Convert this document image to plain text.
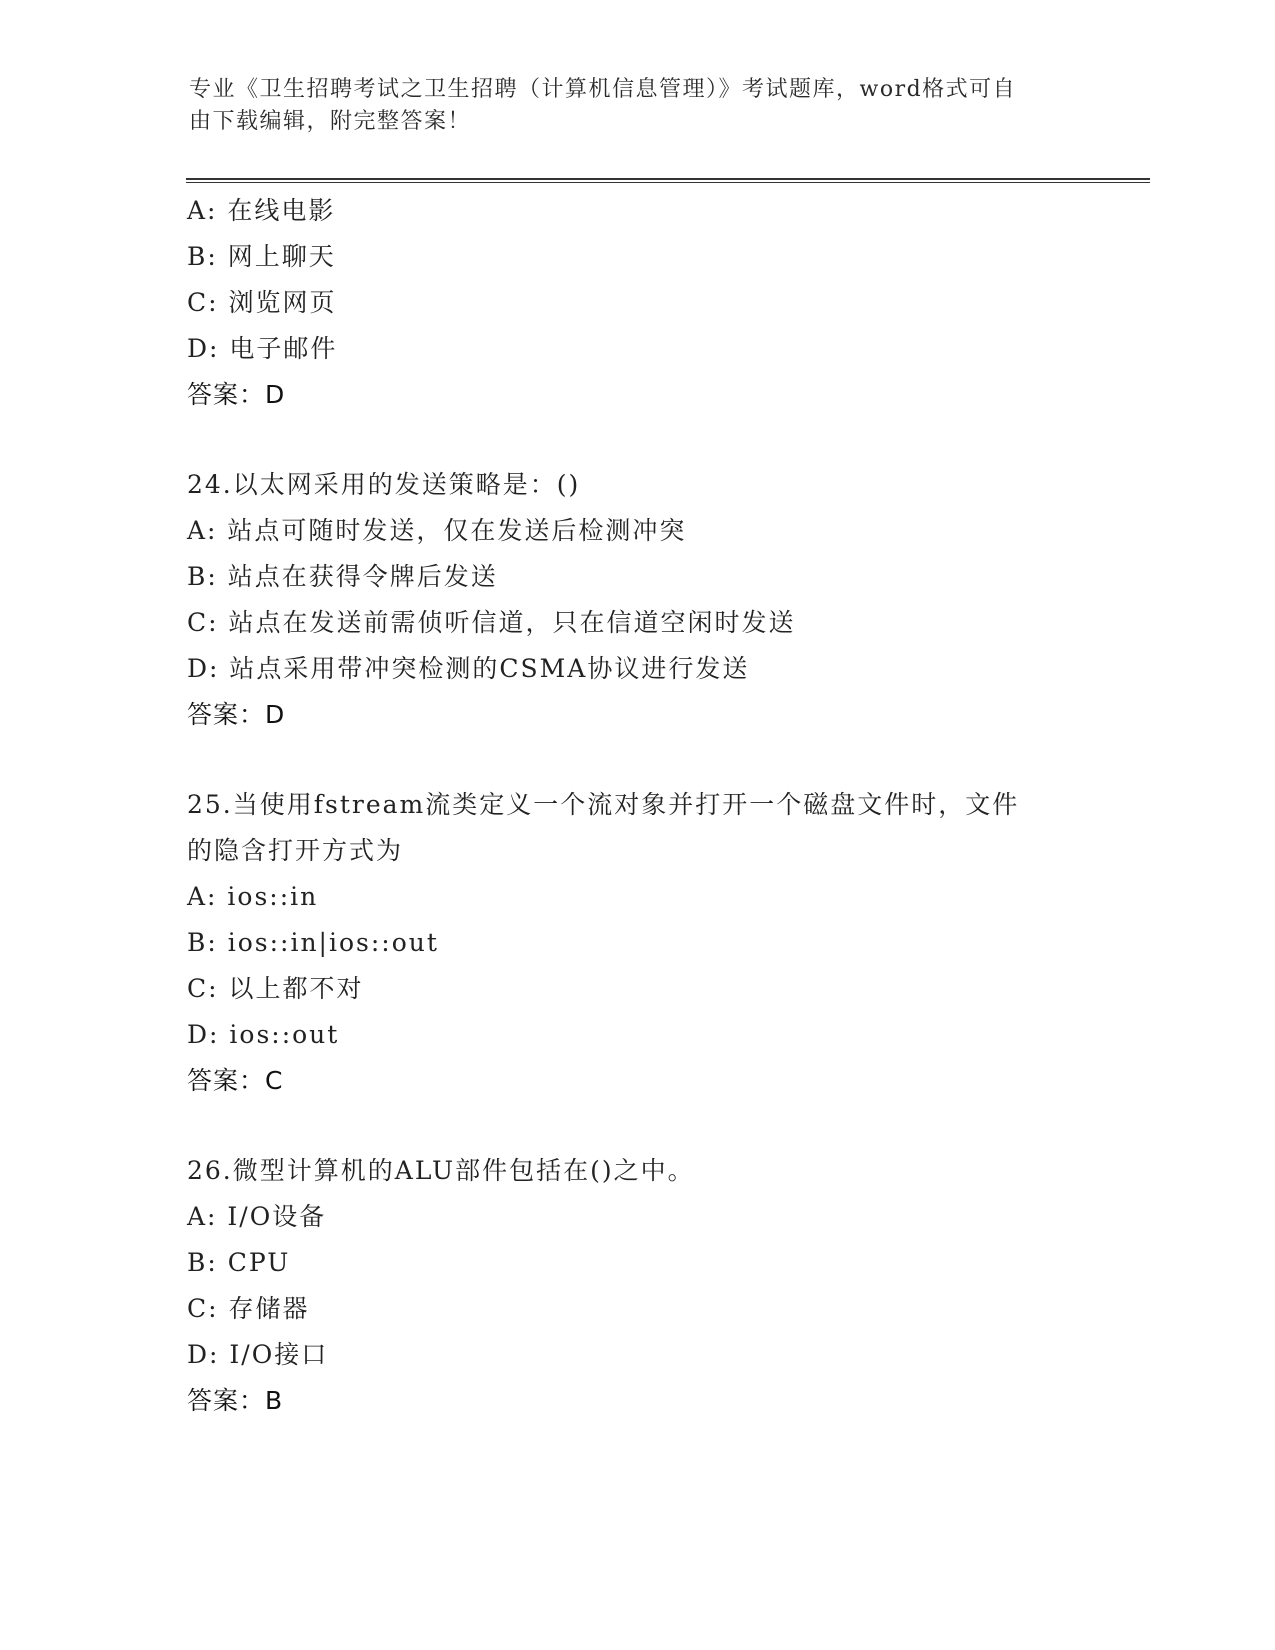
专业《卫生招聘考试之卫生招聘（计算机信息管理）》考试题库，word格式可自
由下载编辑，附完整答案！
A: 在线电影
B: 网上聊天
C: 浏览网页
D: 电子邮件
答案：D
24.以太网采用的发送策略是：()
A: 站点可随时发送，仅在发送后检测冲突
B: 站点在获得令牌后发送
C: 站点在发送前需侦听信道，只在信道空闲时发送
D: 站点采用带冲突检测的CSMA协议进行发送
答案：D
25.当使用fstream流类定义一个流对象并打开一个磁盘文件时，文件
的隐含打开方式为
A: ios::in
B: ios::in|ios::out
C: 以上都不对
D: ios::out
答案：C
26.微型计算机的ALU部件包括在()之中。
A: I/O设备
B: CPU
C: 存储器
D: I/O接口
答案：B
